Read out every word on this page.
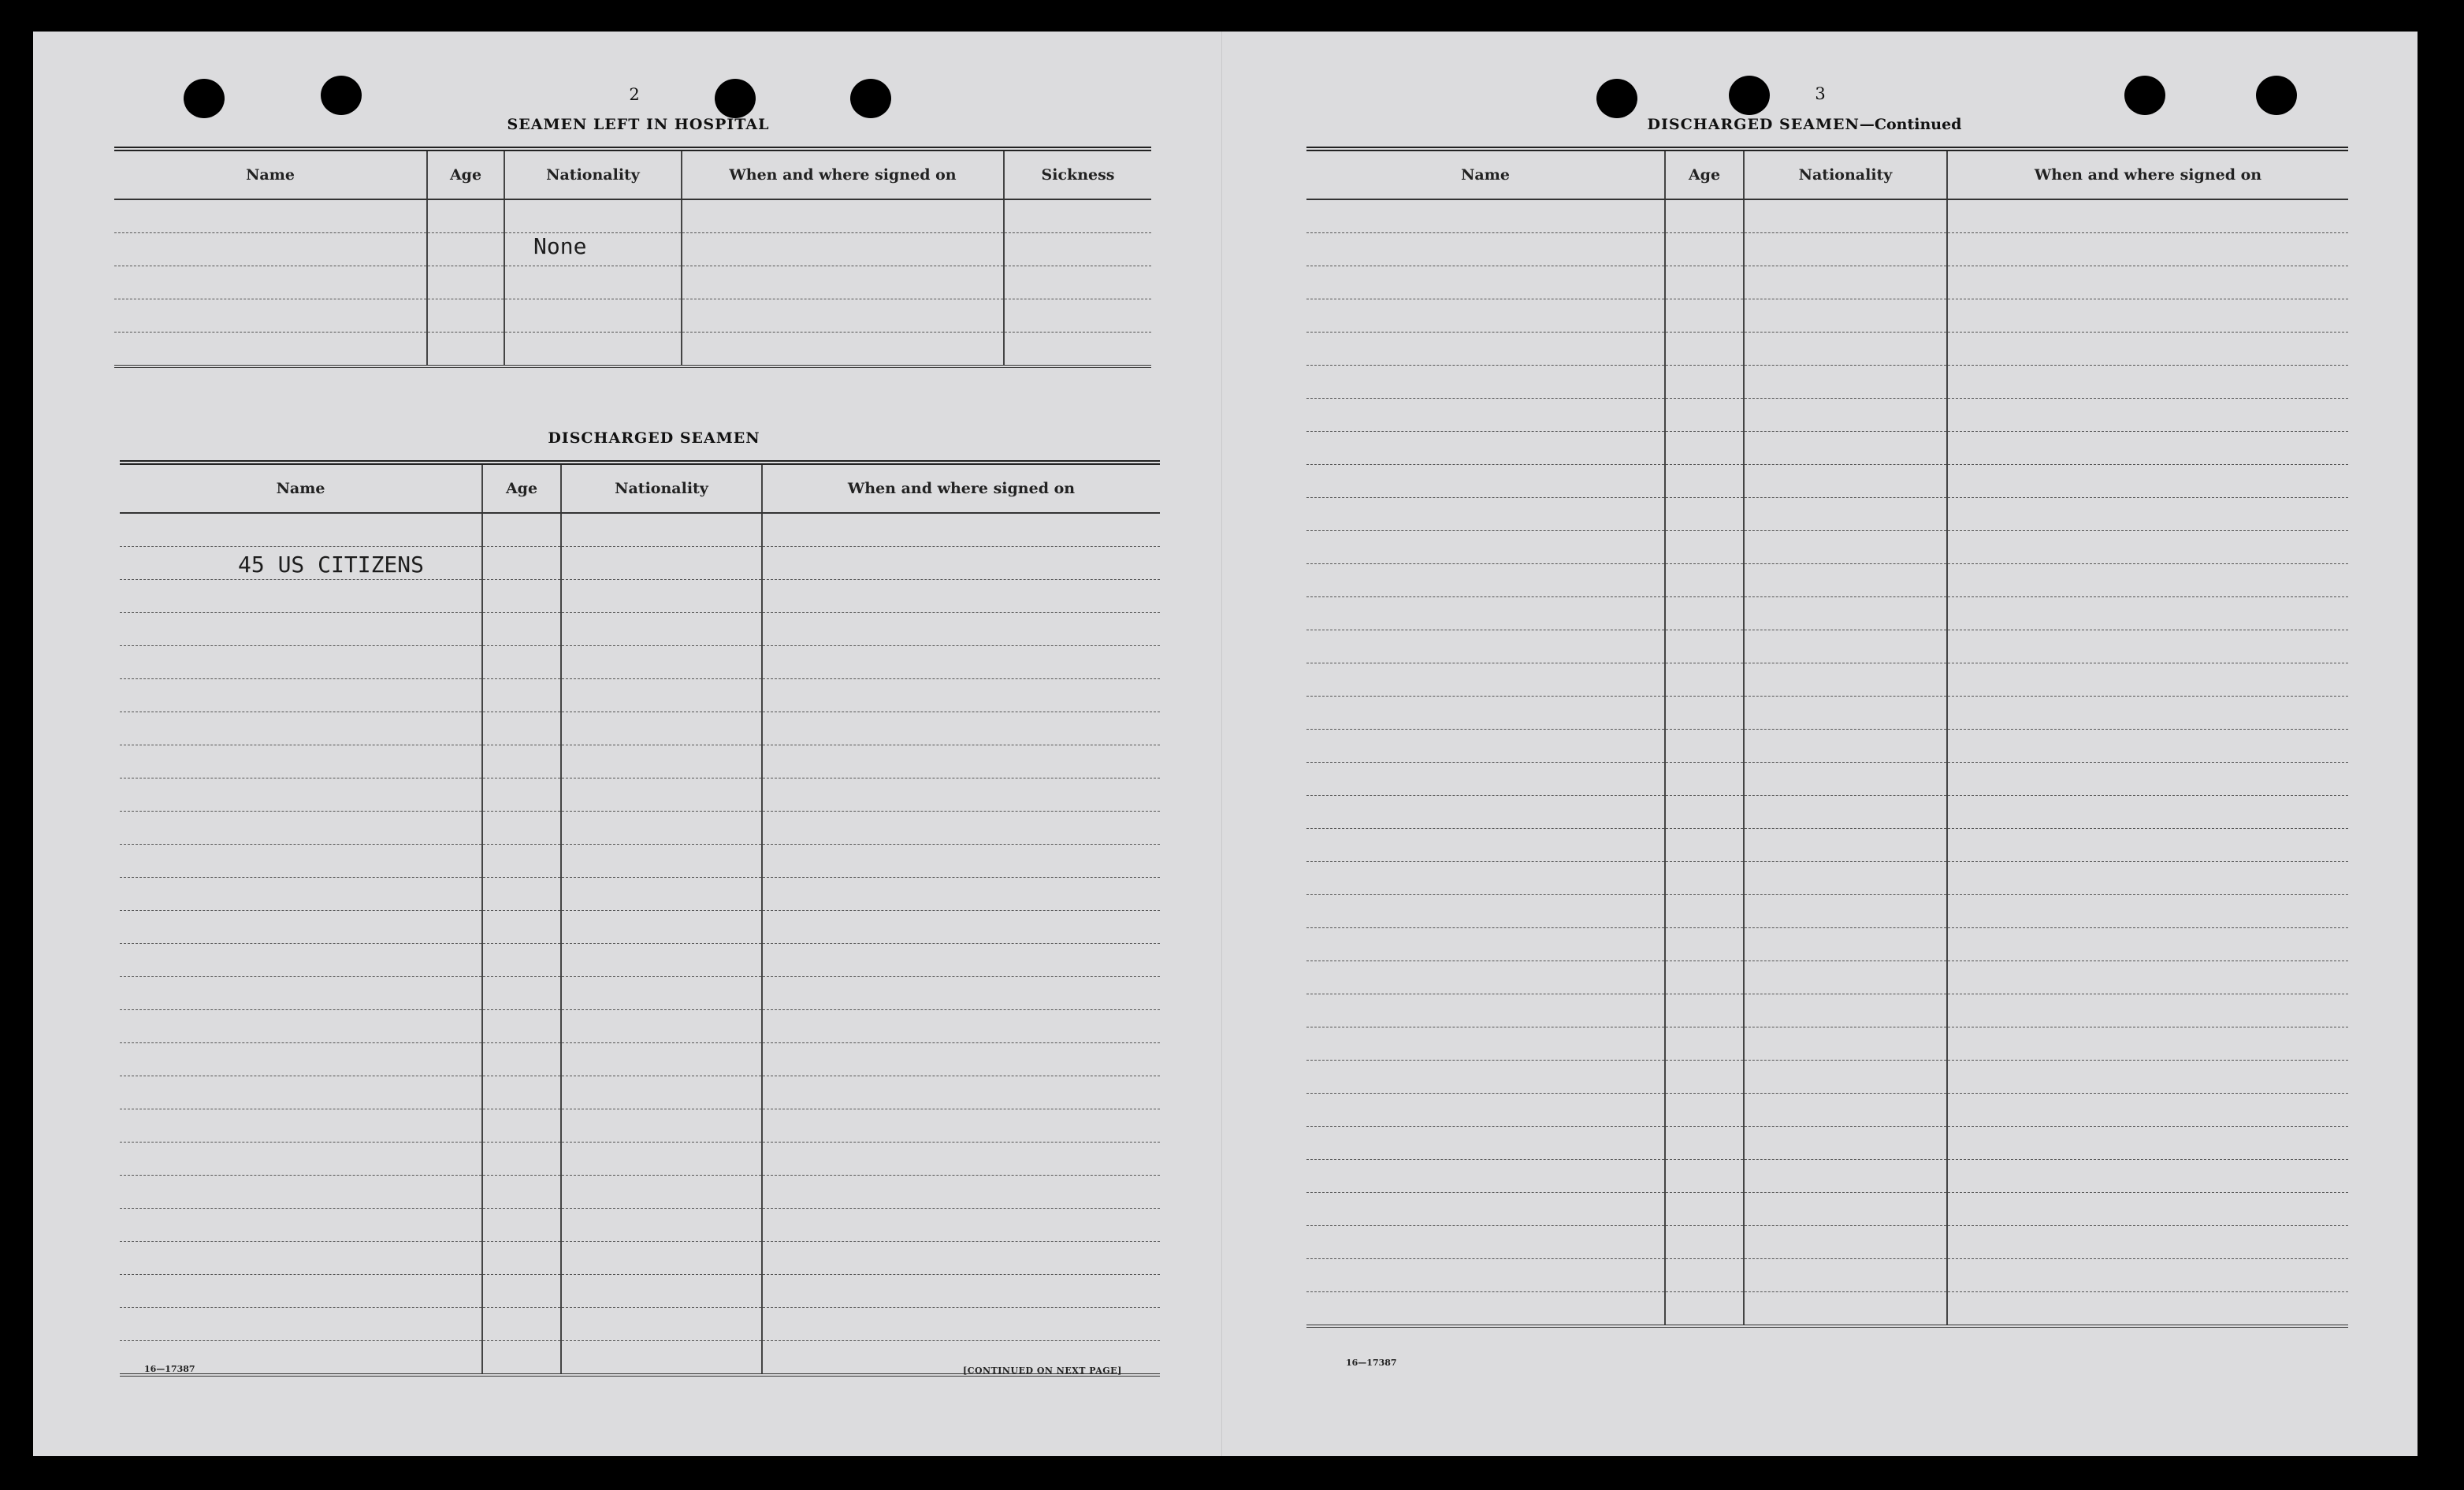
2
SEAMEN LEFT IN HOSPITAL
Name	Age	Nationality	When and where signed on	Sickness

		None		

DISCHARGED SEAMEN
Name	Age	Nationality	When and where signed on

45 US CITIZENS			

16—17387	[CONTINUED ON NEXT PAGE]
3
DISCHARGED SEAMEN—Continued
Name	Age	Nationality	When and where signed on

16—17387
